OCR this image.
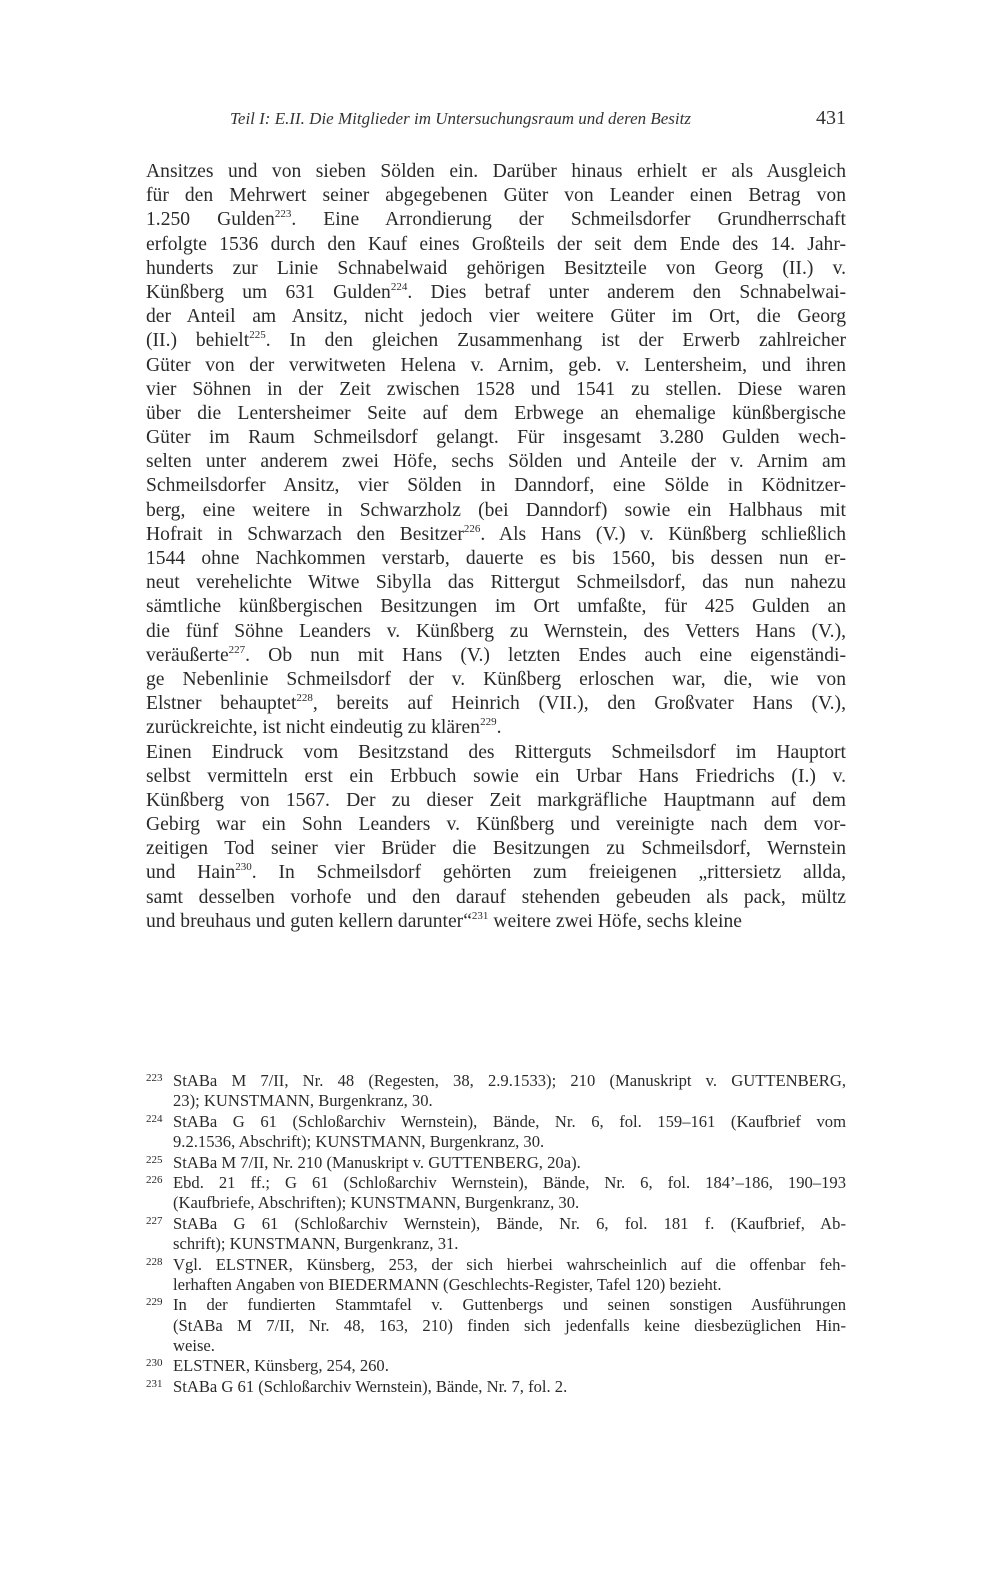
Teil I: E.II. Die Mitglieder im Untersuchungsraum und deren Besitz	431
Ansitzes und von sieben Sölden ein. Darüber hinaus erhielt er als Ausgleich
für den Mehrwert seiner abgegebenen Güter von Leander einen Betrag von
1.250 Gulden$^{223}$. Eine Arrondierung der Schmeilsdorfer Grundherrschaft
erfolgte 1536 durch den Kauf eines Großteils der seit dem Ende des 14. Jahr-
hunderts zur Linie Schnabelwaid gehörigen Besitzteile von Georg (II.) v.
Künßberg um 631 Gulden$^{224}$. Dies betraf unter anderem den Schnabelwai-
der Anteil am Ansitz, nicht jedoch vier weitere Güter im Ort, die Georg
(II.) behielt$^{225}$. In den gleichen Zusammenhang ist der Erwerb zahlreicher
Güter von der verwitweten Helena v. Arnim, geb. v. Lentersheim, und ihren
vier Söhnen in der Zeit zwischen 1528 und 1541 zu stellen. Diese waren
über die Lentersheimer Seite auf dem Erbwege an ehemalige künßbergische
Güter im Raum Schmeilsdorf gelangt. Für insgesamt 3.280 Gulden wech-
selten unter anderem zwei Höfe, sechs Sölden und Anteile der v. Arnim am
Schmeilsdorfer Ansitz, vier Sölden in Danndorf, eine Sölde in Ködnitzer-
berg, eine weitere in Schwarzholz (bei Danndorf) sowie ein Halbhaus mit
Hofrait in Schwarzach den Besitzer$^{226}$. Als Hans (V.) v. Künßberg schließlich
1544 ohne Nachkommen verstarb, dauerte es bis 1560, bis dessen nun er-
neut verehelichte Witwe Sibylla das Rittergut Schmeilsdorf, das nun nahezu
sämtliche künßbergischen Besitzungen im Ort umfaßte, für 425 Gulden an
die fünf Söhne Leanders v. Künßberg zu Wernstein, des Vetters Hans (V.),
veräußerte$^{227}$. Ob nun mit Hans (V.) letzten Endes auch eine eigenständi-
ge Nebenlinie Schmeilsdorf der v. Künßberg erloschen war, die, wie von
Elstner behauptet$^{228}$, bereits auf Heinrich (VII.), den Großvater Hans (V.),
zurückreichte, ist nicht eindeutig zu klären$^{229}$.
Einen Eindruck vom Besitzstand des Ritterguts Schmeilsdorf im Hauptort
selbst vermitteln erst ein Erbbuch sowie ein Urbar Hans Friedrichs (I.) v.
Künßberg von 1567. Der zu dieser Zeit markgräfliche Hauptmann auf dem
Gebirg war ein Sohn Leanders v. Künßberg und vereinigte nach dem vor-
zeitigen Tod seiner vier Brüder die Besitzungen zu Schmeilsdorf, Wernstein
und Hain$^{230}$. In Schmeilsdorf gehörten zum freieigenen „rittersietz allda,
samt desselben vorhofe und den darauf stehenden gebeuden als pack, mültz
und breuhaus und guten kellern darunter“$^{231}$ weitere zwei Höfe, sechs kleine
223 StABa M 7/II, Nr. 48 (Regesten, 38, 2.9.1533); 210 (Manuskript v. GUTTENBERG,
23); KUNSTMANN, Burgenkranz, 30.
224 StABa G 61 (Schloßarchiv Wernstein), Bände, Nr. 6, fol. 159–161 (Kaufbrief vom
9.2.1536, Abschrift); KUNSTMANN, Burgenkranz, 30.
225 StABa M 7/II, Nr. 210 (Manuskript v. GUTTENBERG, 20a).
226 Ebd. 21 ff.; G 61 (Schloßarchiv Wernstein), Bände, Nr. 6, fol. 184’–186, 190–193
(Kaufbriefe, Abschriften); KUNSTMANN, Burgenkranz, 30.
227 StABa G 61 (Schloßarchiv Wernstein), Bände, Nr. 6, fol. 181 f. (Kaufbrief, Ab-
schrift); KUNSTMANN, Burgenkranz, 31.
228 Vgl. ELSTNER, Künsberg, 253, der sich hierbei wahrscheinlich auf die offenbar feh-
lerhaften Angaben von BIEDERMANN (Geschlechts-Register, Tafel 120) bezieht.
229 In der fundierten Stammtafel v. Guttenbergs und seinen sonstigen Ausführungen
(StABa M 7/II, Nr. 48, 163, 210) finden sich jedenfalls keine diesbezüglichen Hin-
weise.
230 ELSTNER, Künsberg, 254, 260.
231 StABa G 61 (Schloßarchiv Wernstein), Bände, Nr. 7, fol. 2.
